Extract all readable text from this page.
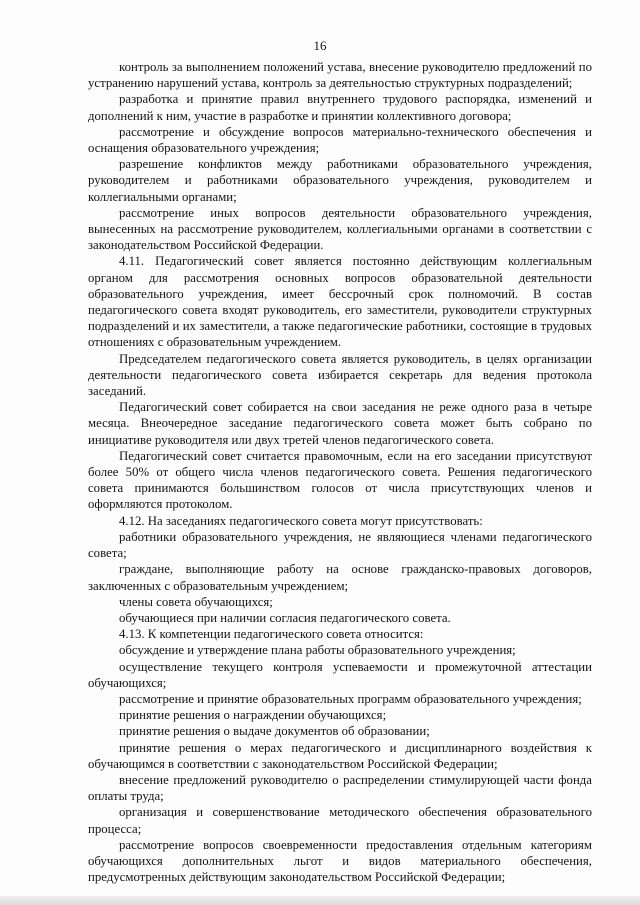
16

контроль за выполнением положений устава, внесение руководителю предложений по устранению нарушений устава, контроль за деятельностью структурных подразделений;

разработка и принятие правил внутреннего трудового распорядка, изменений и дополнений к ним, участие в разработке и принятии коллективного договора;

рассмотрение и обсуждение вопросов материально-технического обеспечения и оснащения образовательного учреждения;

разрешение конфликтов между работниками образовательного учреждения, руководителем и работниками образовательного учреждения, руководителем и коллегиальными органами;

рассмотрение иных вопросов деятельности образовательного учреждения, вынесенных на рассмотрение руководителем, коллегиальными органами в соответствии с законодательством Российской Федерации.

4.11. Педагогический совет является постоянно действующим коллегиальным органом для рассмотрения основных вопросов образовательной деятельности образовательного учреждения, имеет бессрочный срок полномочий. В состав педагогического совета входят руководитель, его заместители, руководители структурных подразделений и их заместители, а также педагогические работники, состоящие в трудовых отношениях с образовательным учреждением.

Председателем педагогического совета является руководитель, в целях организации деятельности педагогического совета избирается секретарь для ведения протокола заседаний.

Педагогический совет собирается на свои заседания не реже одного раза в четыре месяца. Внеочередное заседание педагогического совета может быть собрано по инициативе руководителя или двух третей членов педагогического совета.

Педагогический совет считается правомочным, если на его заседании присутствуют более 50% от общего числа членов педагогического совета. Решения педагогического совета принимаются большинством голосов от числа присутствующих членов и оформляются протоколом.

4.12. На заседаниях педагогического совета могут присутствовать:

работники образовательного учреждения, не являющиеся членами педагогического совета;

граждане, выполняющие работу на основе гражданско-правовых договоров, заключенных с образовательным учреждением;

члены совета обучающихся;

обучающиеся при наличии согласия педагогического совета.

4.13. К компетенции педагогического совета относится:

обсуждение и утверждение плана работы образовательного учреждения;

осуществление текущего контроля успеваемости и промежуточной аттестации обучающихся;

рассмотрение и принятие образовательных программ образовательного учреждения;

принятие решения о награждении обучающихся;

принятие решения о выдаче документов об образовании;

принятие решения о мерах педагогического и дисциплинарного воздействия к обучающимся в соответствии с законодательством Российской Федерации;

внесение предложений руководителю о распределении стимулирующей части фонда оплаты труда;

организация и совершенствование методического обеспечения образовательного процесса;

рассмотрение вопросов своевременности предоставления отдельным категориям обучающихся дополнительных льгот и видов материального обеспечения, предусмотренных действующим законодательством Российской Федерации;
